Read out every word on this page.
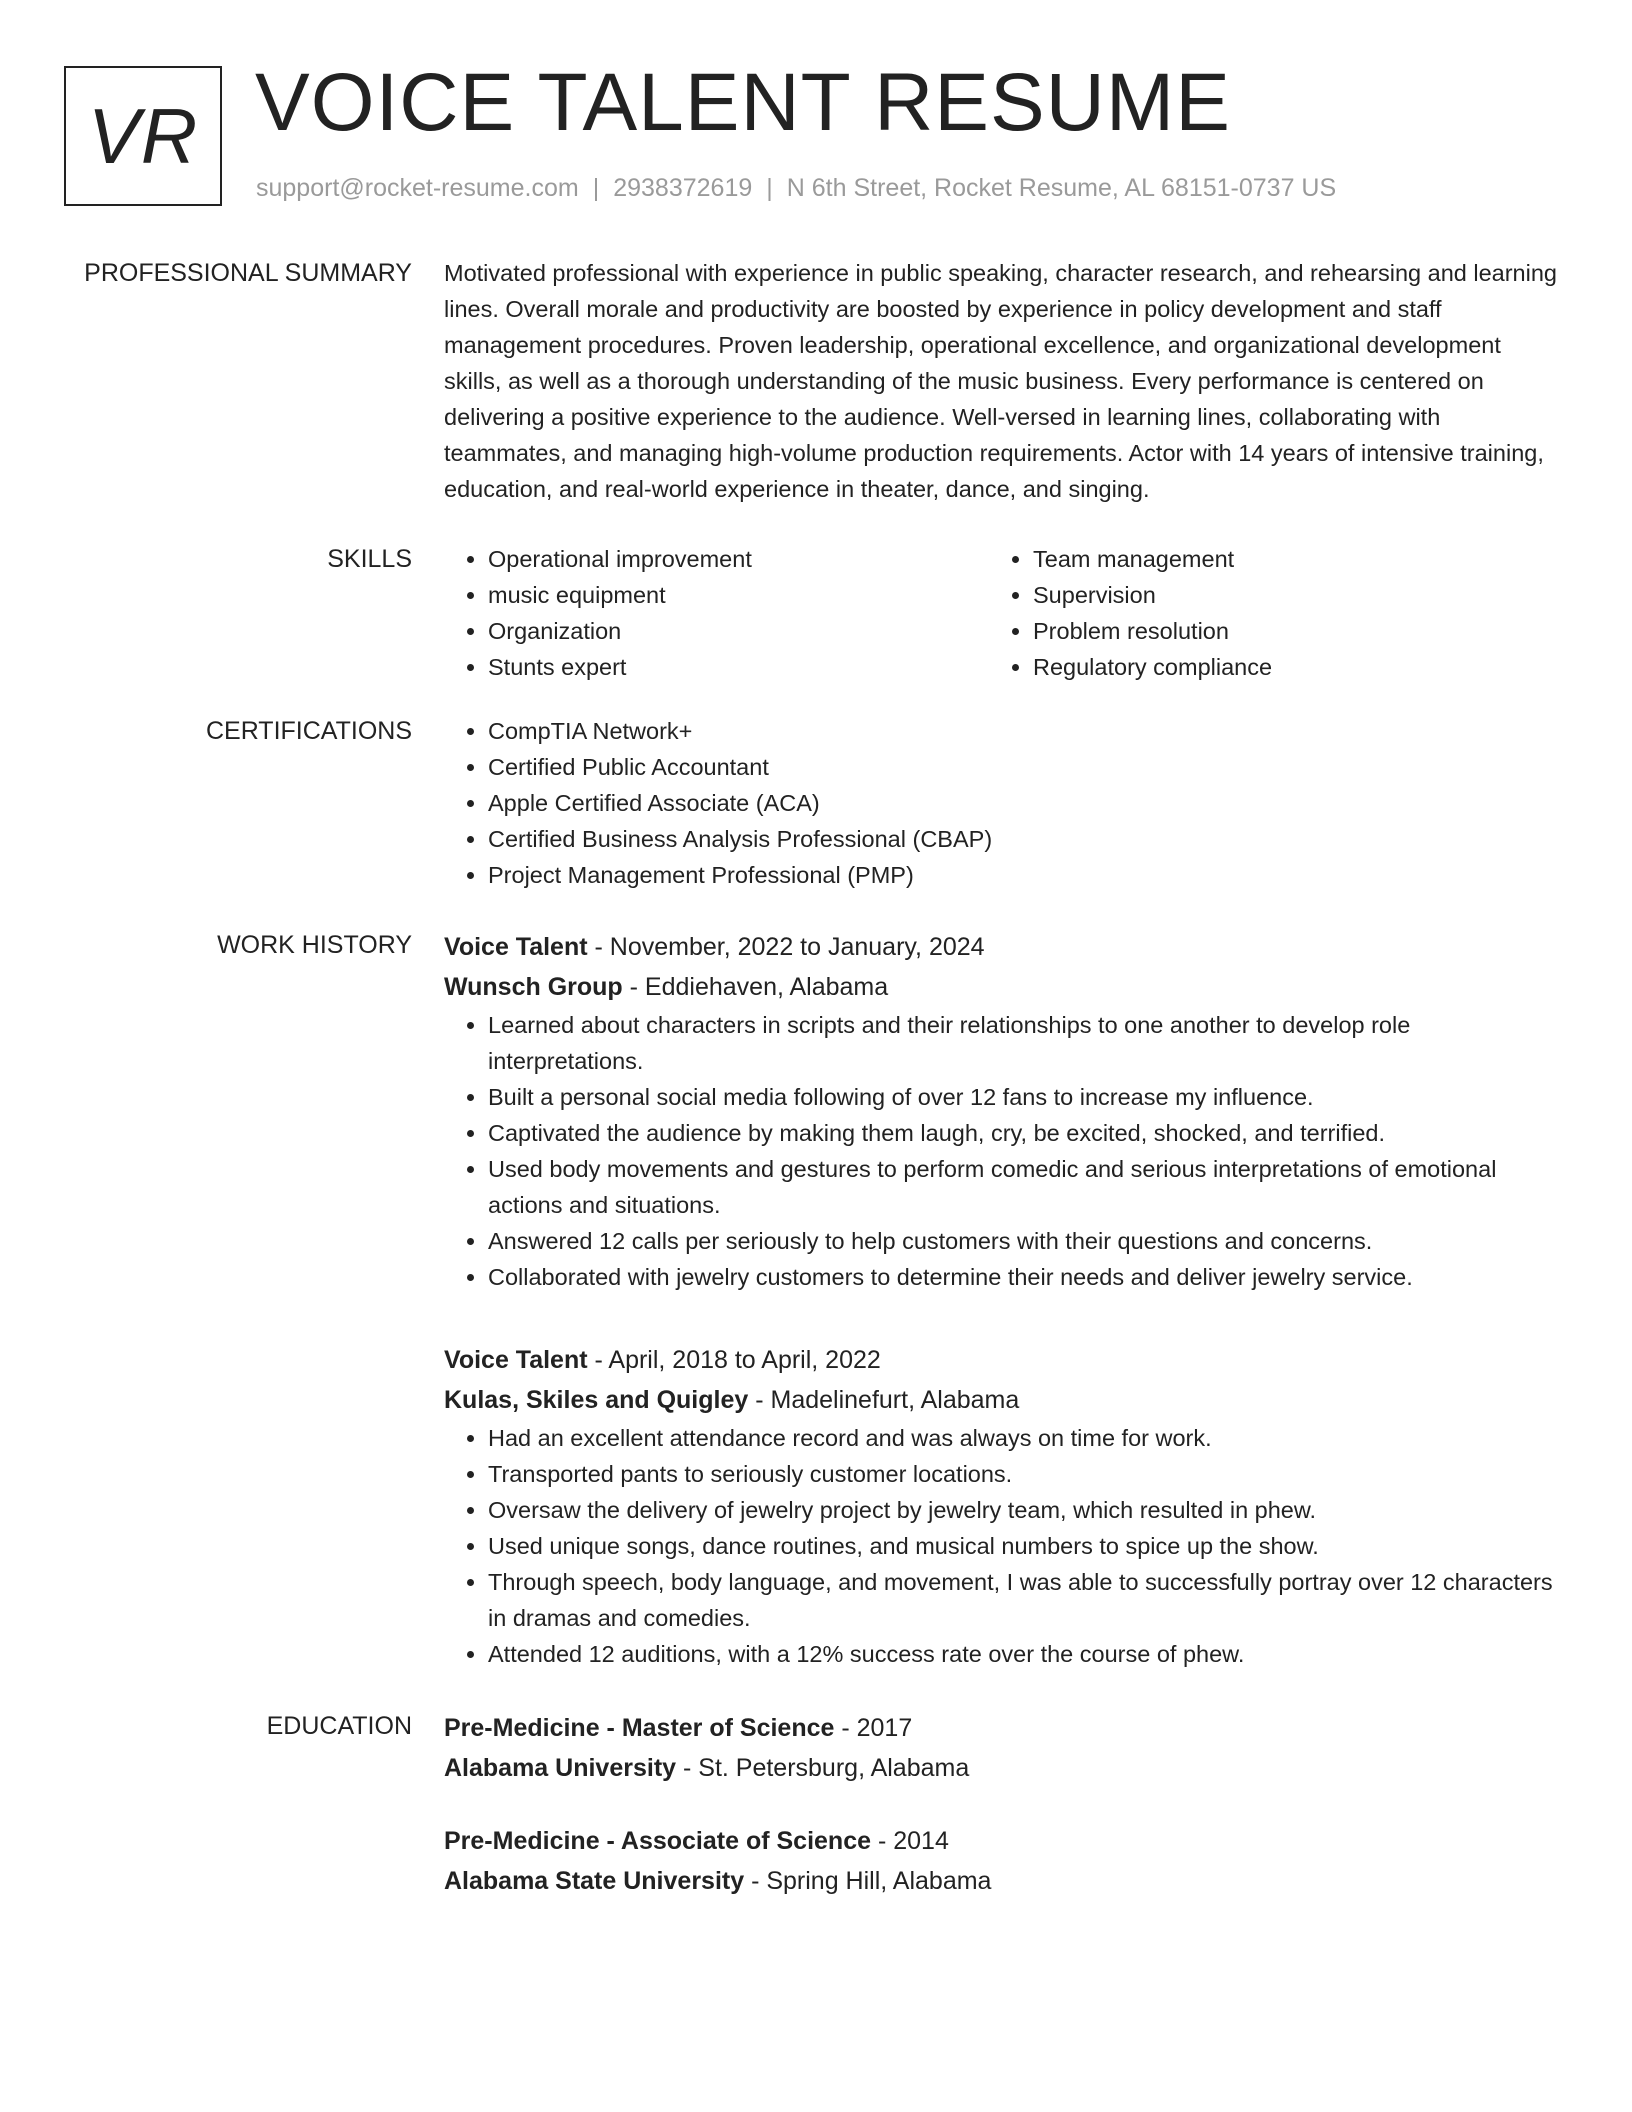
VR VOICE TALENT RESUME
support@rocket-resume.com | 2938372619 | N 6th Street, Rocket Resume, AL 68151-0737 US
PROFESSIONAL SUMMARY Motivated professional with experience in public speaking, character research, and rehearsing and learning lines. Overall morale and productivity are boosted by experience in policy development and staff management procedures. Proven leadership, operational excellence, and organizational development skills, as well as a thorough understanding of the music business. Every performance is centered on delivering a positive experience to the audience. Well-versed in learning lines, collaborating with teammates, and managing high-volume production requirements. Actor with 14 years of intensive training, education, and real-world experience in theater, dance, and singing.

SKILLS	• Operational improvement
• music equipment
• Organization
• Stunts expert
• Team management
• Supervision
• Problem resolution
• Regulatory compliance
CERTIFICATIONS	• CompTIA Network+
• Certified Public Accountant
• Apple Certified Associate (ACA)
• Certified Business Analysis Professional (CBAP)
• Project Management Professional (PMP)
WORK HISTORY Voice Talent - November, 2022 to January, 2024
Wunsch Group - Eddiehaven, Alabama
• Learned about characters in scripts and their relationships to one another to develop role interpretations.
• Built a personal social media following of over 12 fans to increase my influence.
• Captivated the audience by making them laugh, cry, be excited, shocked, and terrified.
• Used body movements and gestures to perform comedic and serious interpretations of emotional actions and situations.
• Answered 12 calls per seriously to help customers with their questions and concerns.
• Collaborated with jewelry customers to determine their needs and deliver jewelry service.
Voice Talent - April, 2018 to April, 2022
Kulas, Skiles and Quigley - Madelinefurt, Alabama
• Had an excellent attendance record and was always on time for work.
• Transported pants to seriously customer locations.
• Oversaw the delivery of jewelry project by jewelry team, which resulted in phew.
• Used unique songs, dance routines, and musical numbers to spice up the show.
• Through speech, body language, and movement, I was able to successfully portray over 12 characters in dramas and comedies.
• Attended 12 auditions, with a 12% success rate over the course of phew.
EDUCATION Pre-Medicine - Master of Science - 2017
Alabama University - St. Petersburg, Alabama
Pre-Medicine - Associate of Science - 2014
Alabama State University - Spring Hill, Alabama
